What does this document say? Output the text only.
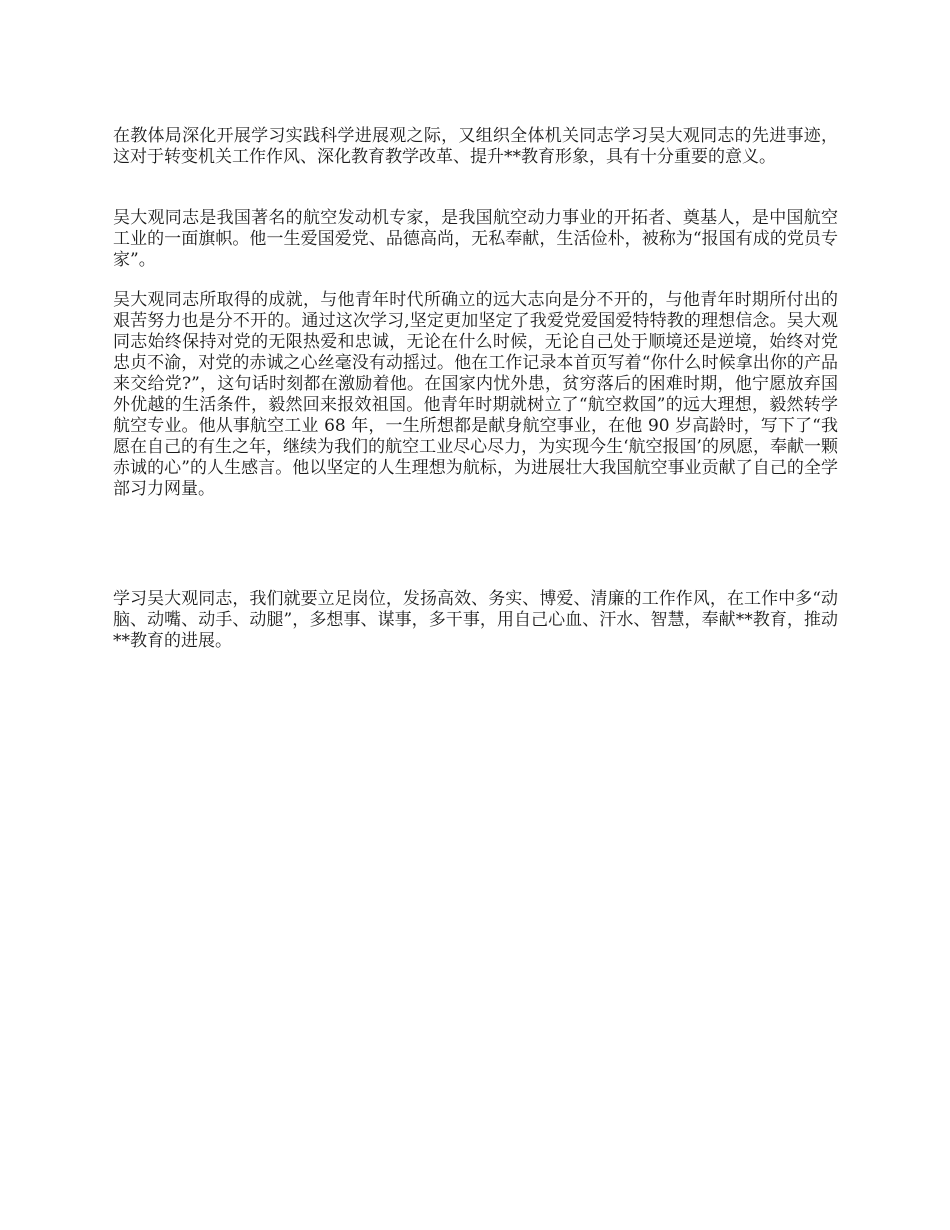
在教体局深化开展学习实践科学进展观之际，又组织全体机关同志学习吴大观同志的先进事迹，这对于转变机关工作作风、深化教育教学改革、提升**教育形象，具有十分重要的意义。

吴大观同志是我国著名的航空发动机专家，是我国航空动力事业的开拓者、奠基人，是中国航空工业的一面旗帜。他一生爱国爱党、品德高尚，无私奉献，生活俭朴，被称为“报国有成的党员专家”。

吴大观同志所取得的成就，与他青年时代所确立的远大志向是分不开的，与他青年时期所付出的艰苦努力也是分不开的。通过这次学习,坚定更加坚定了我爱党爱国爱特特教的理想信念。吴大观同志始终保持对党的无限热爱和忠诚，无论在什么时候，无论自己处于顺境还是逆境，始终对党忠贞不渝，对党的赤诚之心丝毫没有动摇过。他在工作记录本首页写着“你什么时候拿出你的产品来交给党?”，这句话时刻都在激励着他。在国家内忧外患，贫穷落后的困难时期，他宁愿放弃国外优越的生活条件，毅然回来报效祖国。他青年时期就树立了“航空救国”的远大理想，毅然转学航空专业。他从事航空工业 68 年，一生所想都是献身航空事业，在他 90 岁高龄时，写下了“我愿在自己的有生之年，继续为我们的航空工业尽心尽力，为实现今生‘航空报国’的夙愿，奉献一颗赤诚的心”的人生感言。他以坚定的人生理想为航标，为进展壮大我国航空事业贡献了自己的全学部习力网量。

学习吴大观同志，我们就要立足岗位，发扬高效、务实、博爱、清廉的工作作风，在工作中多“动脑、动嘴、动手、动腿”，多想事、谋事，多干事，用自己心血、汗水、智慧，奉献**教育，推动**教育的进展。
